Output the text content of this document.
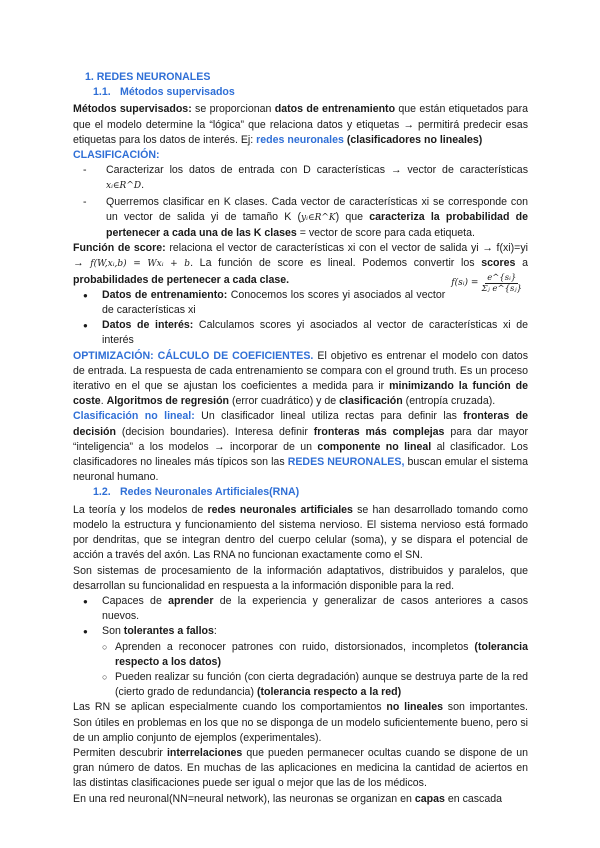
1. REDES NEURONALES

1.1. Métodos supervisados

Métodos supervisados: se proporcionan datos de entrenamiento que están etiquetados para que el modelo determine la “lógica” que relaciona datos y etiquetas → permitirá predecir esas etiquetas para los datos de interés. Ej: redes neuronales (clasificadores no lineales)

CLASIFICACIÓN:

- Caracterizar los datos de entrada con D características → vector de características xᵢ∈R^D.

- Querremos clasificar en K clases. Cada vector de características xi se corresponde con un vector de salida yi de tamaño K (yᵢ∈R^K) que caracteriza la probabilidad de pertenecer a cada una de las K clases = vector de score para cada etiqueta.

Función de score: relaciona el vector de características xi con el vector de salida yi → f(xi)=yi → f(W,xᵢ,b) = Wxᵢ + b. La función de score es lineal. Podemos convertir los scores
f(sᵢ) = $\frac{\text{e\textasciicircum{}\{sᵢ\}}}{\text{Σⱼ e\textasciicircum{}\{sⱼ\}}}$
a probabilidades de pertenecer a cada clase.

● Datos de entrenamiento: Conocemos los scores yi asociados al vector de características xi

● Datos de interés: Calculamos scores yi asociados al vector de características xi de interés

OPTIMIZACIÓN: CÁLCULO DE COEFICIENTES. El objetivo es entrenar el modelo con datos de entrada. La respuesta de cada entrenamiento se compara con el ground truth. Es un proceso iterativo en el que se ajustan los coeficientes a medida para ir minimizando la función de coste. Algoritmos de regresión (error cuadrático) y de clasificación (entropía cruzada).

Clasificación no lineal: Un clasificador lineal utiliza rectas para definir las fronteras de decisión (decision boundaries). Interesa definir fronteras más complejas para dar mayor “inteligencia” a los modelos → incorporar de un componente no lineal al clasificador. Los clasificadores no lineales más típicos son las REDES NEURONALES, buscan emular el sistema neuronal humano.

1.2. Redes Neuronales Artificiales(RNA)

La teoría y los modelos de redes neuronales artificiales se han desarrollado tomando como modelo la estructura y funcionamiento del sistema nervioso. El sistema nervioso está formado por dendritas, que se integran dentro del cuerpo celular (soma), y se dispara el potencial de acción a través del axón. Las RNA no funcionan exactamente como el SN.

Son sistemas de procesamiento de la información adaptativos, distribuidos y paralelos, que desarrollan su funcionalidad en respuesta a la información disponible para la red.

● Capaces de aprender de la experiencia y generalizar de casos anteriores a casos nuevos.

● Son tolerantes a fallos:

○ Aprenden a reconocer patrones con ruido, distorsionados, incompletos (tolerancia respecto a los datos)

○ Pueden realizar su función (con cierta degradación) aunque se destruya parte de la red (cierto grado de redundancia) (tolerancia respecto a la red)

Las RN se aplican especialmente cuando los comportamientos no lineales son importantes. Son útiles en problemas en los que no se disponga de un modelo suficientemente bueno, pero si de un amplio conjunto de ejemplos (experimentales).

Permiten descubrir interrelaciones que pueden permanecer ocultas cuando se dispone de un gran número de datos. En muchas de las aplicaciones en medicina la cantidad de aciertos en las distintas clasificaciones puede ser igual o mejor que las de los médicos.

En una red neuronal(NN=neural network), las neuronas se organizan en capas en cascada
